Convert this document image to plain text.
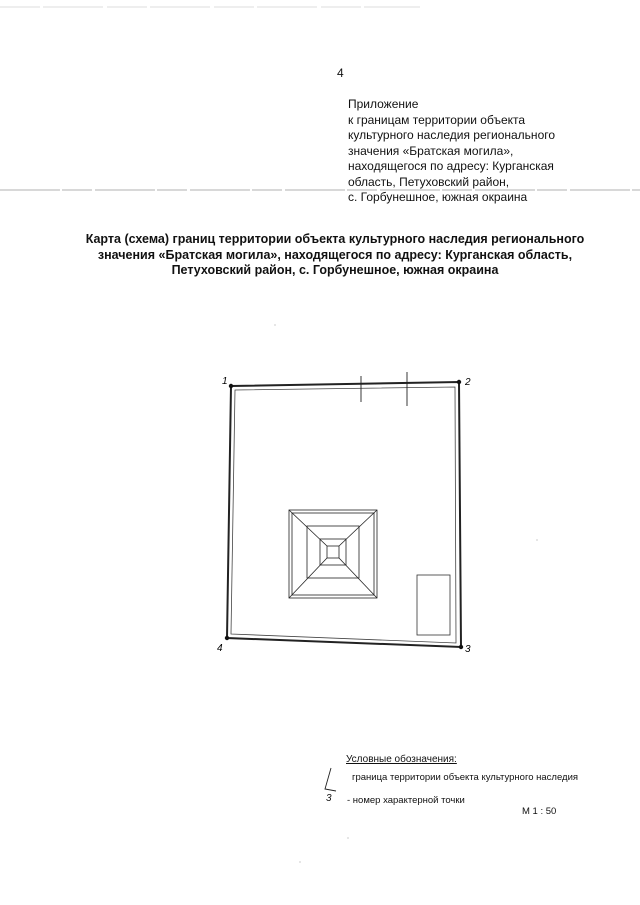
4
Приложение
к границам территории объекта
культурного наследия регионального
значения «Братская могила»,
находящегося по адресу: Курганская
область, Петуховский район,
с. Горбунешное, южная окраина
Карта (схема) границ территории объекта культурного наследия регионального
значения «Братская могила», находящегося по адресу: Курганская область,
Петуховский район, с. Горбунешное, южная окраина
1	2
3
4
Условные обозначения:
граница территории объекта культурного наследия
3 - номер характерной точки
М 1 : 50
